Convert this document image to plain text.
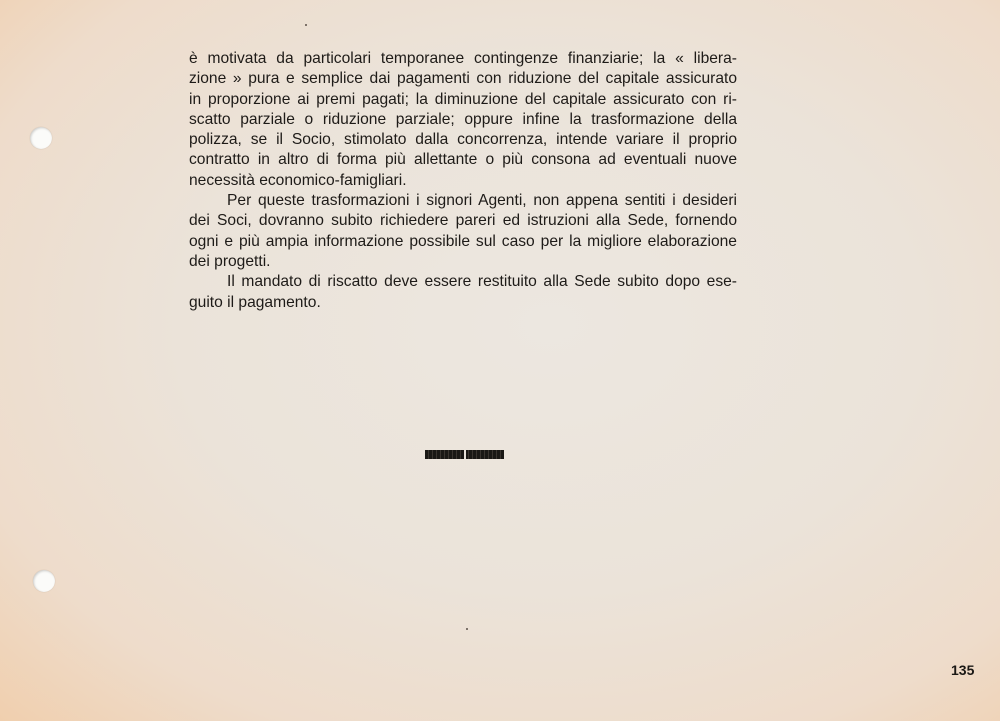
è motivata da particolari temporanee contingenze finanziarie; la « libera-
zione » pura e semplice dai pagamenti con riduzione del capitale assicurato
in proporzione ai premi pagati; la diminuzione del capitale assicurato con ri-
scatto parziale o riduzione parziale; oppure infine la trasformazione della
polizza, se il Socio, stimolato dalla concorrenza, intende variare il proprio
contratto in altro di forma più allettante o più consona ad eventuali nuove
necessità economico-famigliari.

Per queste trasformazioni i signori Agenti, non appena sentiti i desideri
dei Soci, dovranno subito richiedere pareri ed istruzioni alla Sede, fornendo
ogni e più ampia informazione possibile sul caso per la migliore elaborazione
dei progetti.

Il mandato di riscatto deve essere restituito alla Sede subito dopo ese-
guito il pagamento.

135
